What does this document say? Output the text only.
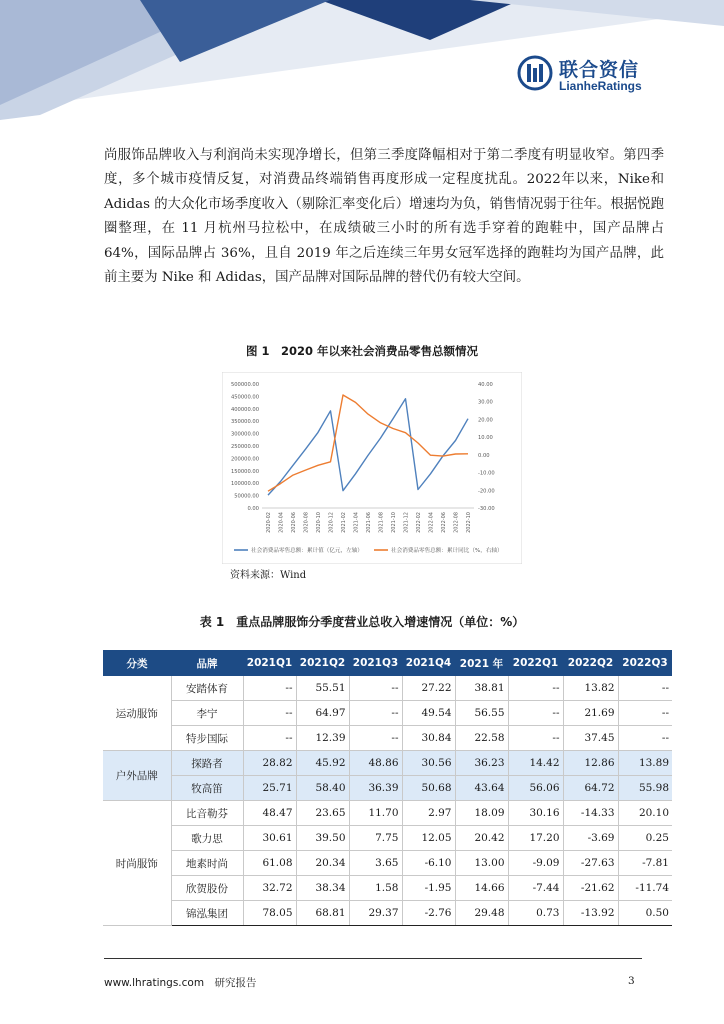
联合资信
LianheRatings
尚服饰品牌收入与利润尚未实现净增长，但第三季度降幅相对于第二季度有明显收窄。第四季度，多个城市疫情反复，对消费品终端销售再度形成一定程度扰乱。2022年以来，Nike和 Adidas 的大众化市场季度收入（剔除汇率变化后）增速均为负，销售情况弱于往年。根据悦跑圈整理，在 11 月杭州马拉松中，在成绩破三小时的所有选手穿着的跑鞋中，国产品牌占 64%，国际品牌占 36%，且自 2019 年之后连续三年男女冠军选择的跑鞋均为国产品牌，此前主要为 Nike 和 Adidas，国产品牌对国际品牌的替代仍有较大空间。
图 1　2020 年以来社会消费品零售总额情况
0.00
50000.00
100000.00
150000.00
200000.00
250000.00
300000.00
350000.00
400000.00
450000.00
500000.00
-30.00
-20.00
-10.00
0.00
10.00
20.00
30.00
40.00
2020-02 2020-04 2020-06 2020-08 2020-10 2020-12 2021-02 2021-04 2021-06 2021-08 2021-10 2021-12 2022-02 2022-04 2022-06 2022-08 2022-10
社会消费品零售总额：累计值（亿元，左轴）	社会消费品零售总额：累计同比（%，右轴）
资料来源：Wind
表 1　重点品牌服饰分季度营业总收入增速情况（单位：%）
分类	品牌	2021Q1	2021Q2	2021Q3	2021Q4	2021 年	2022Q1	2022Q2	2022Q3
运动服饰	安踏体育	--	55.51	--	27.22	38.81	--	13.82	--
	李宁	--	64.97	--	49.54	56.55	--	21.69	--
	特步国际	--	12.39	--	30.84	22.58	--	37.45	--
户外品牌	探路者	28.82	45.92	48.86	30.56	36.23	14.42	12.86	13.89
	牧高笛	25.71	58.40	36.39	50.68	43.64	56.06	64.72	55.98
时尚服饰	比音勒芬	48.47	23.65	11.70	2.97	18.09	30.16	-14.33	20.10
	歌力思	30.61	39.50	7.75	12.05	20.42	17.20	-3.69	0.25
	地素时尚	61.08	20.34	3.65	-6.10	13.00	-9.09	-27.63	-7.81
	欣贺股份	32.72	38.34	1.58	-1.95	14.66	-7.44	-21.62	-11.74
	锦泓集团	78.05	68.81	29.37	-2.76	29.48	0.73	-13.92	0.50
www.lhratings.com　研究报告	3
